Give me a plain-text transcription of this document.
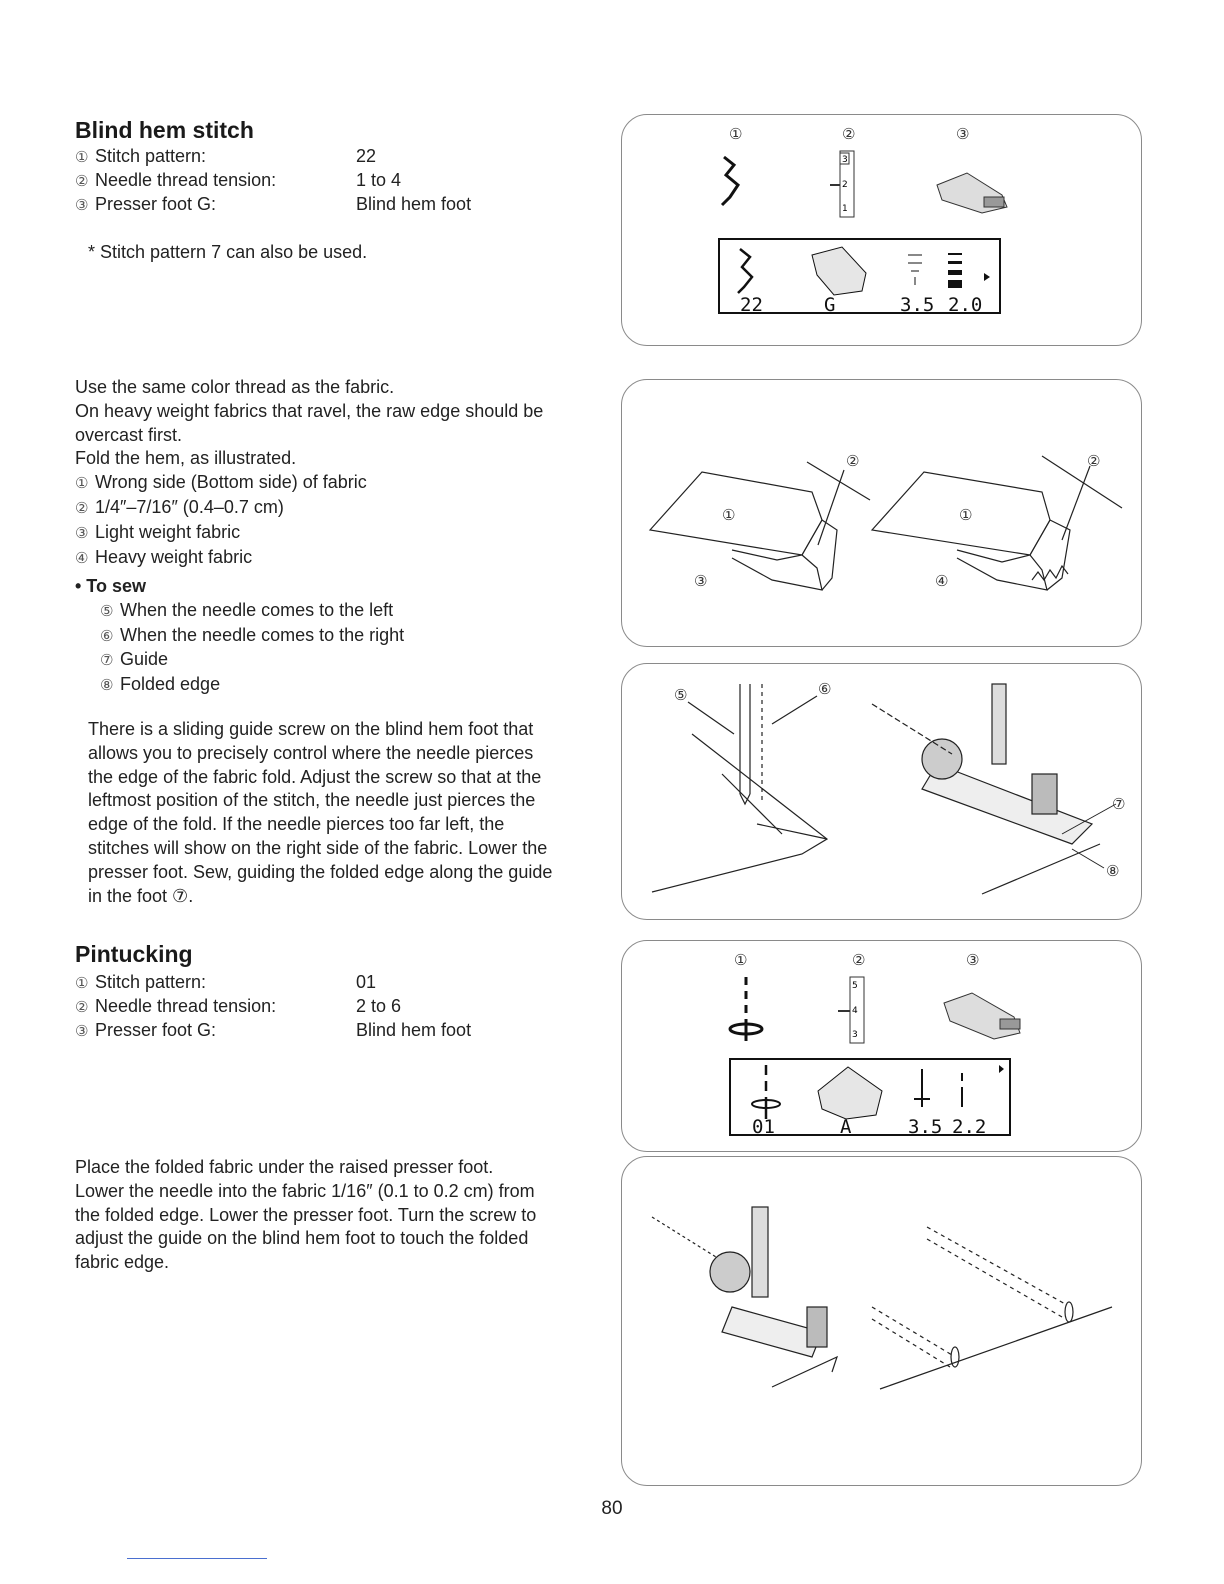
Blind hem stitch
① Stitch pattern:	22
② Needle thread tension:	1 to 4
③ Presser foot G:	Blind hem foot
* Stitch pattern 7 can also be used.
Use the same color thread as the fabric.
On heavy weight fabrics that ravel, the raw edge should be
overcast first.
Fold the hem, as illustrated.
① Wrong side (Bottom side) of fabric
② 1/4″–7/16″ (0.4–0.7 cm)
③ Light weight fabric
④ Heavy weight fabric
• To sew
⑤ When the needle comes to the left
⑥ When the needle comes to the right
⑦ Guide
⑧ Folded edge
There is a sliding guide screw on the blind hem foot that
allows you to precisely control where the needle pierces
the edge of the fabric fold. Adjust the screw so that at the
leftmost position of the stitch, the needle just pierces the
edge of the fold. If the needle pierces too far left, the
stitches will show on the right side of the fabric. Lower the
presser foot. Sew, guiding the folded edge along the guide
in the foot ⑦.
Pintucking
① Stitch pattern:	01
② Needle thread tension:	2 to 6
③ Presser foot G:	Blind hem foot
Place the folded fabric under the raised presser foot.
Lower the needle into the fabric 1/16″ (0.1 to 0.2 cm) from
the folded edge. Lower the presser foot. Turn the screw to
adjust the guide on the blind hem foot to touch the folded
fabric edge.
①	②	③
3
2
1
22	G	3.5 2.0
②
①
③
②
①
④
⑤	⑥
⑦
⑧
①	②	③
5
4
3
01	A	3.5 2.2
80
